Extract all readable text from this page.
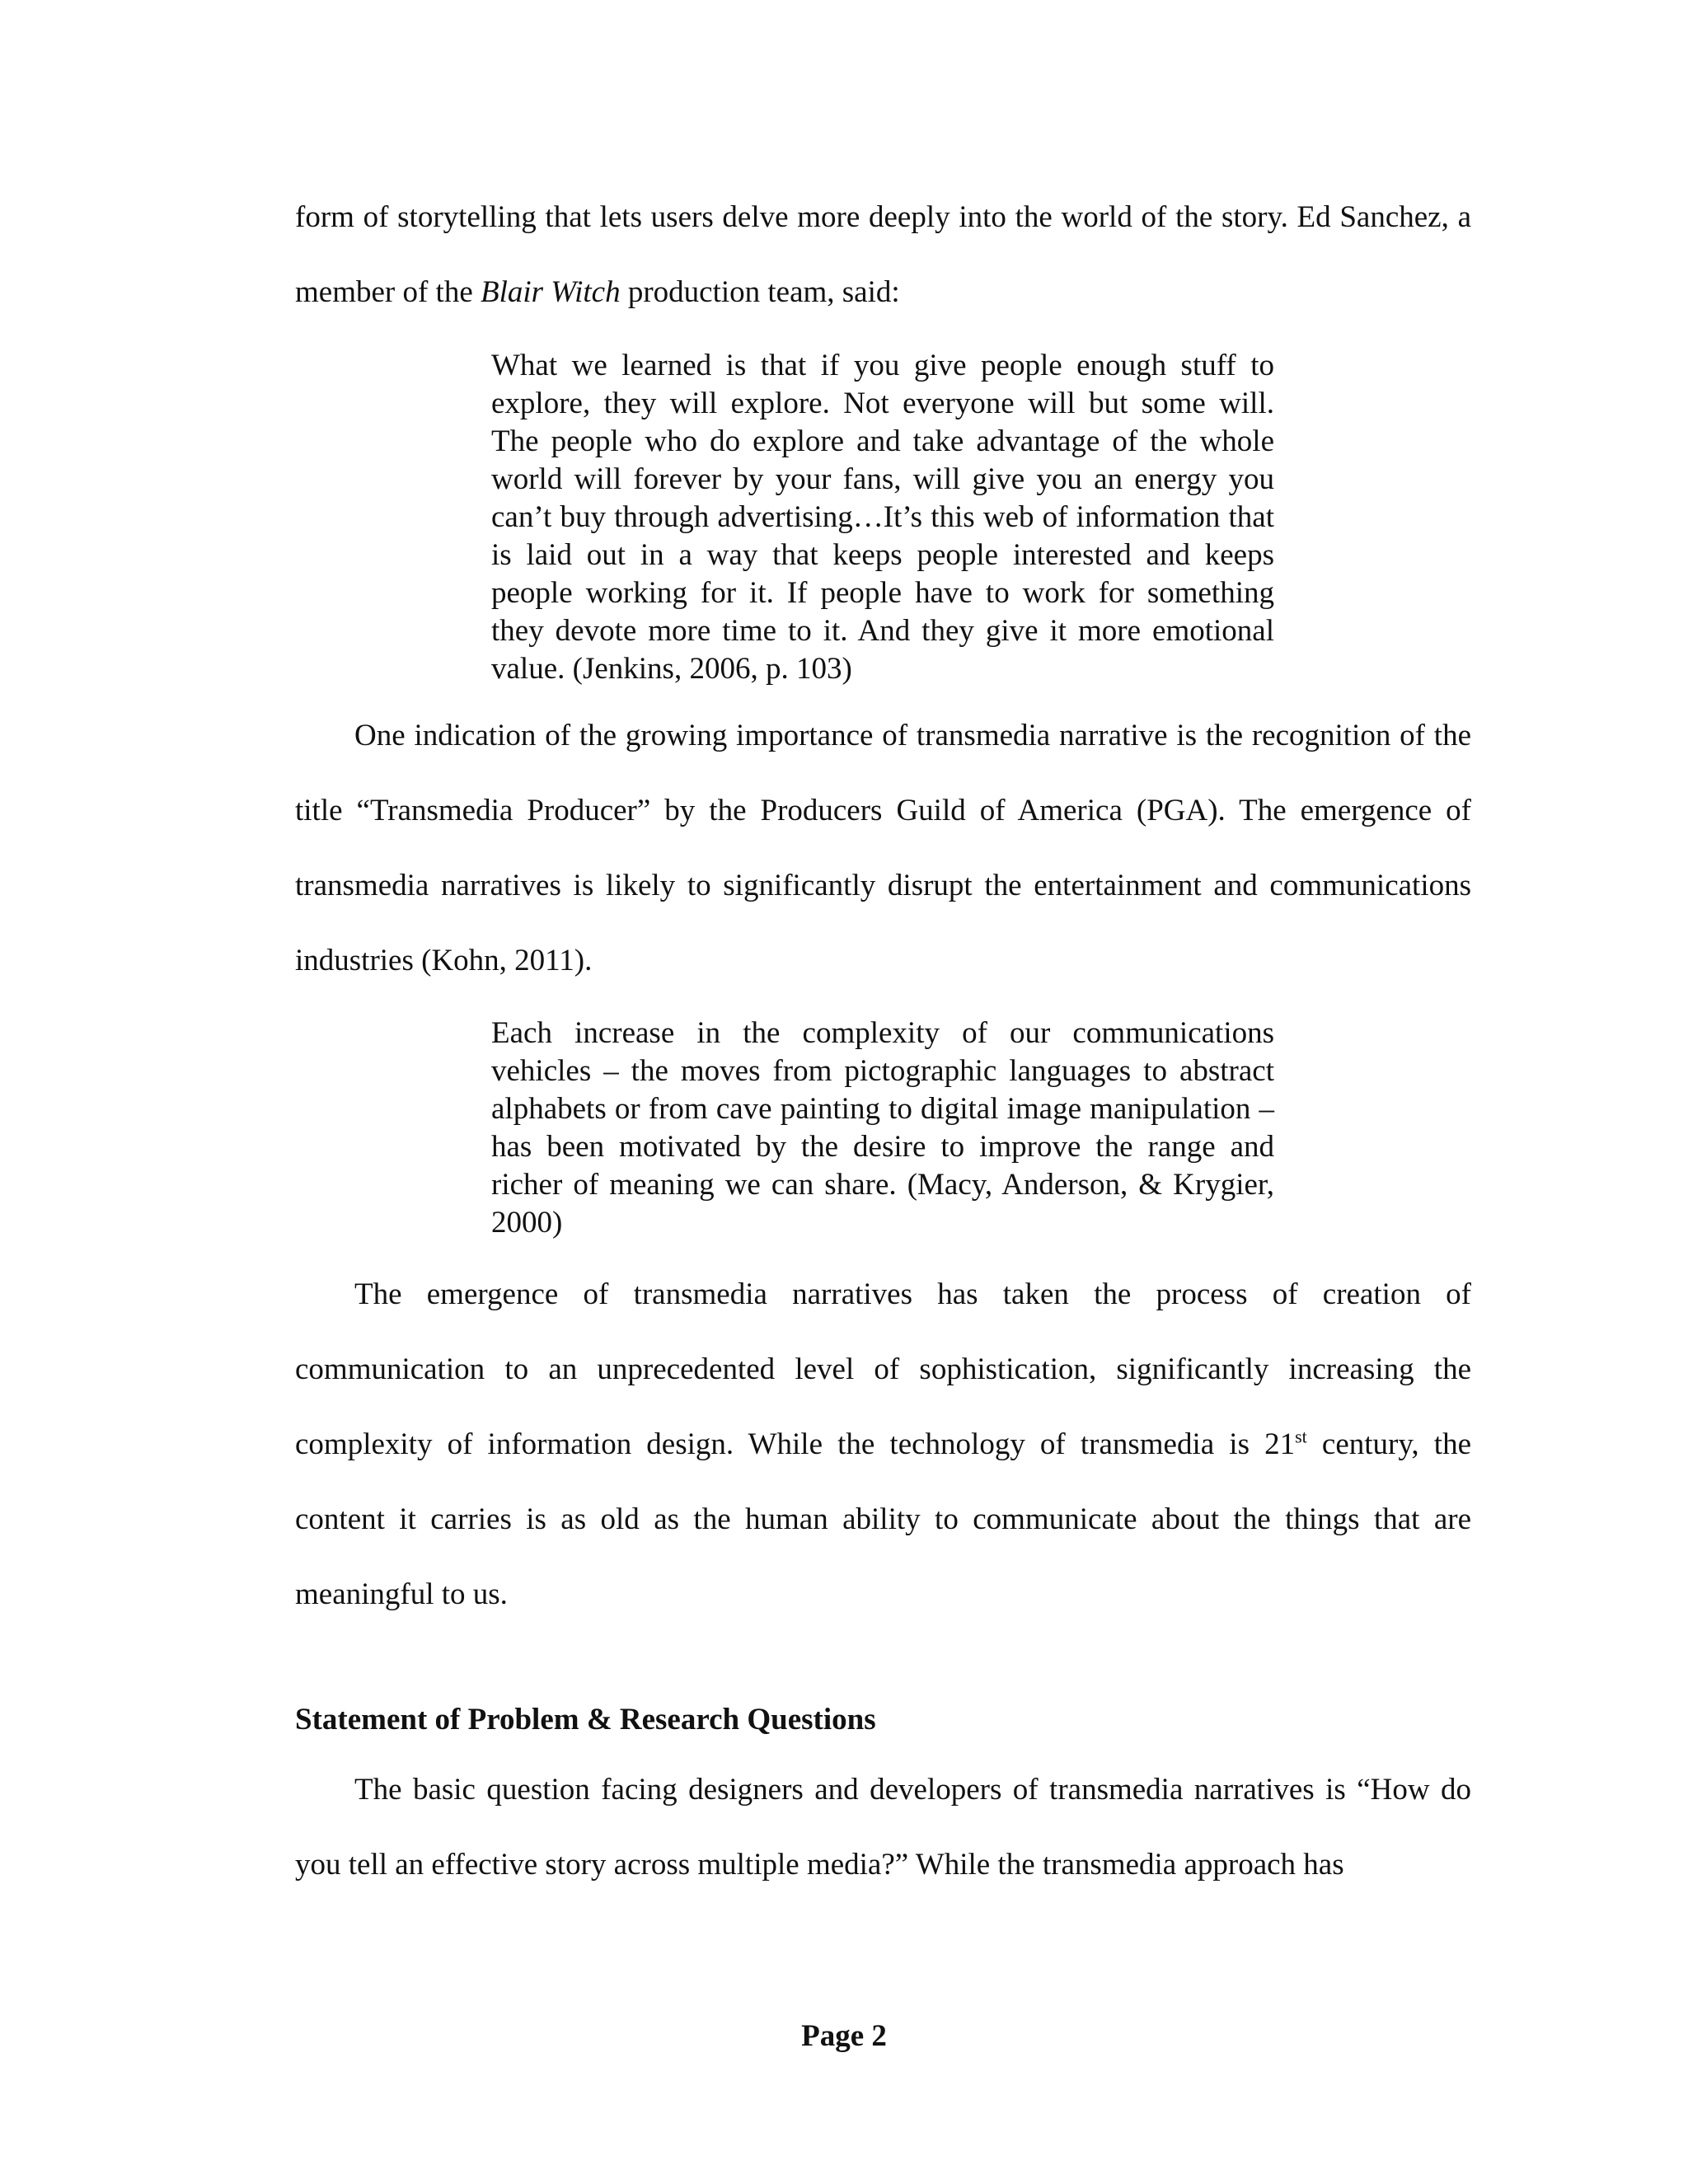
form of storytelling that lets users delve more deeply into the world of the story. Ed Sanchez, a member of the Blair Witch production team, said:

What we learned is that if you give people enough stuff to explore, they will explore. Not everyone will but some will. The people who do explore and take advantage of the whole world will forever by your fans, will give you an energy you can’t buy through advertising…It’s this web of information that is laid out in a way that keeps people interested and keeps people working for it. If people have to work for something they devote more time to it. And they give it more emotional value. (Jenkins, 2006, p. 103)

One indication of the growing importance of transmedia narrative is the recognition of the title “Transmedia Producer” by the Producers Guild of America (PGA). The emergence of transmedia narratives is likely to significantly disrupt the entertainment and communications industries (Kohn, 2011).

Each increase in the complexity of our communications vehicles – the moves from pictographic languages to abstract alphabets or from cave painting to digital image manipulation – has been motivated by the desire to improve the range and richer of meaning we can share. (Macy, Anderson, & Krygier, 2000)

The emergence of transmedia narratives has taken the process of creation of communication to an unprecedented level of sophistication, significantly increasing the complexity of information design. While the technology of transmedia is 21st century, the content it carries is as old as the human ability to communicate about the things that are meaningful to us.

Statement of Problem & Research Questions

The basic question facing designers and developers of transmedia narratives is “How do you tell an effective story across multiple media?” While the transmedia approach has

Page 2
